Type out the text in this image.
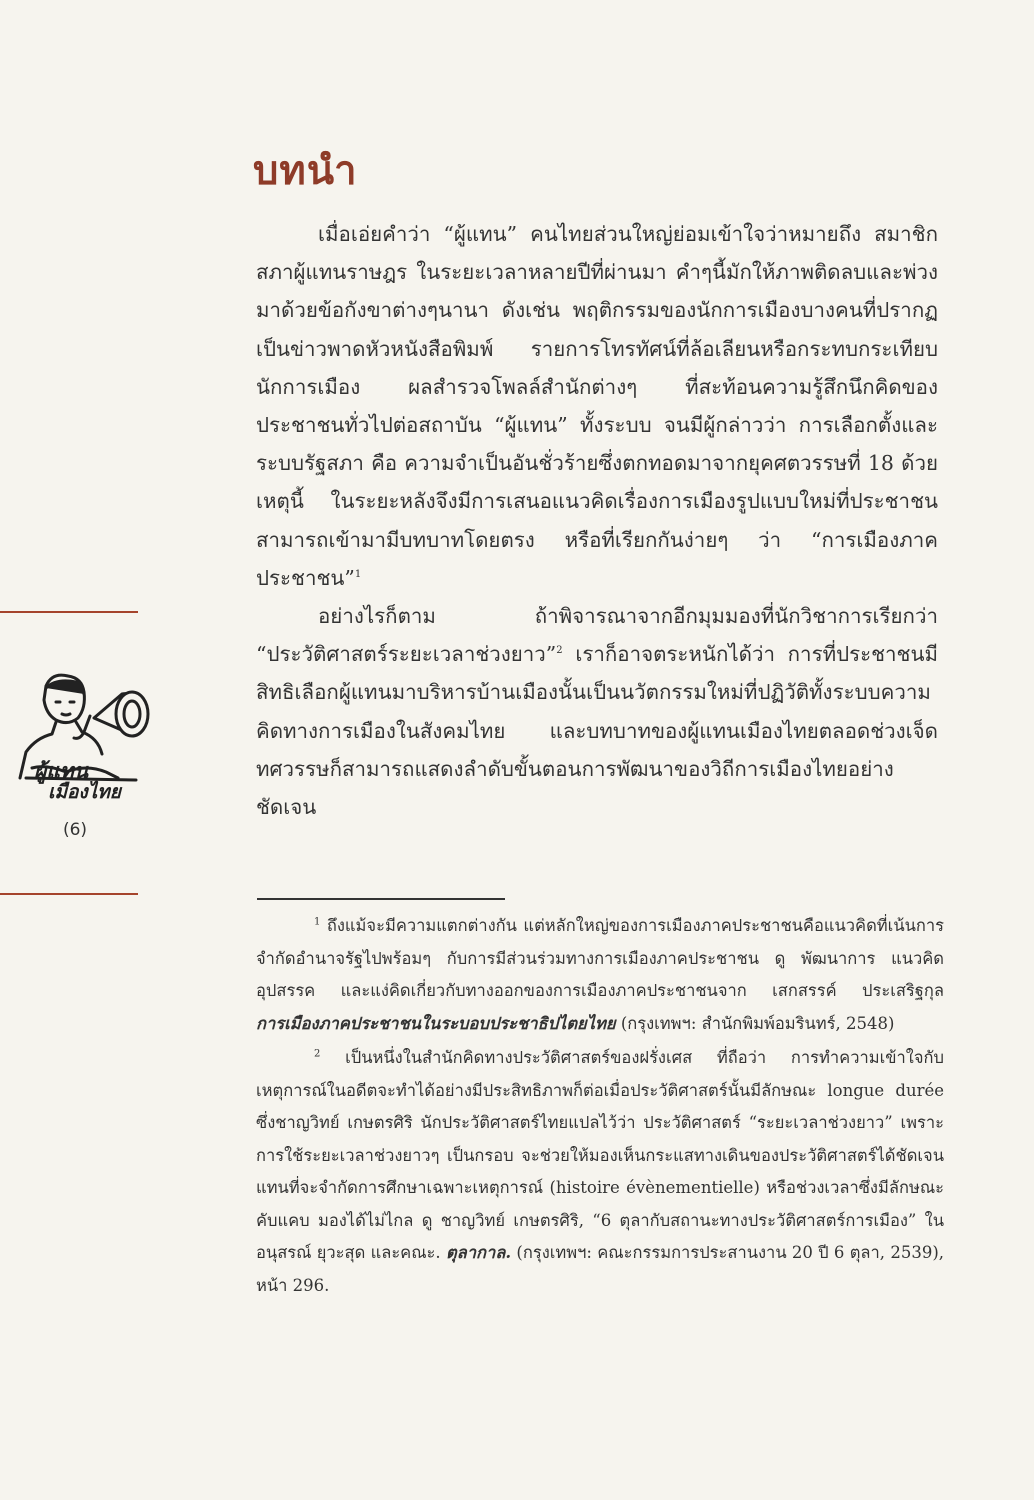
ผู้แทน
เมืองไทย
(6)
บทนำ

เมื่อเอ่ยคำว่า “ผู้แทน” คนไทยส่วนใหญ่ย่อมเข้าใจว่าหมายถึง สมาชิกสภาผู้แทนราษฎร ในระยะเวลาหลายปีที่ผ่านมา คำๆนี้มักให้ภาพติดลบและพ่วงมาด้วยข้อกังขาต่างๆนานา ดังเช่น พฤติกรรมของนักการเมืองบางคนที่ปรากฏเป็นข่าวพาดหัวหนังสือพิมพ์ รายการโทรทัศน์ที่ล้อเลียนหรือกระทบกระเทียบนักการเมือง ผลสำรวจโพลล์สำนักต่างๆ ที่สะท้อนความรู้สึกนึกคิดของประชาชนทั่วไปต่อสถาบัน “ผู้แทน” ทั้งระบบ จนมีผู้กล่าวว่า การเลือกตั้งและระบบรัฐสภา คือ ความจำเป็นอันชั่วร้ายซึ่งตกทอดมาจากยุคศตวรรษที่ 18 ด้วยเหตุนี้ ในระยะหลังจึงมีการเสนอแนวคิดเรื่องการเมืองรูปแบบใหม่ที่ประชาชนสามารถเข้ามามีบทบาทโดยตรง หรือที่เรียกกันง่ายๆ ว่า “การเมืองภาคประชาชน”$^1$

อย่างไรก็ตาม ถ้าพิจารณาจากอีกมุมมองที่นักวิชาการเรียกว่า “ประวัติศาสตร์ระยะเวลาช่วงยาว”$^2$ เราก็อาจตระหนักได้ว่า การที่ประชาชนมีสิทธิเลือกผู้แทนมาบริหารบ้านเมืองนั้นเป็นนวัตกรรมใหม่ที่ปฏิวัติทั้งระบบความคิดทางการเมืองในสังคมไทย และบทบาทของผู้แทนเมืองไทยตลอดช่วงเจ็ดทศวรรษก็สามารถแสดงลำดับขั้นตอนการพัฒนาของวิถีการเมืองไทยอย่างชัดเจน

$^1$ ถึงแม้จะมีความแตกต่างกัน แต่หลักใหญ่ของการเมืองภาคประชาชนคือแนวคิดที่เน้นการจำกัดอำนาจรัฐไปพร้อมๆ กับการมีส่วนร่วมทางการเมืองภาคประชาชน ดู พัฒนาการ แนวคิด อุปสรรค และแง่คิดเกี่ยวกับทางออกของการเมืองภาคประชาชนจาก เสกสรรค์ ประเสริฐกุล การเมืองภาคประชาชนในระบอบประชาธิปไตยไทย (กรุงเทพฯ: สำนักพิมพ์อมรินทร์, 2548)

$^2$ เป็นหนึ่งในสำนักคิดทางประวัติศาสตร์ของฝรั่งเศส ที่ถือว่า การทำความเข้าใจกับเหตุการณ์ในอดีตจะทำได้อย่างมีประสิทธิภาพก็ต่อเมื่อประวัติศาสตร์นั้นมีลักษณะ longue durée ซึ่งชาญวิทย์ เกษตรศิริ นักประวัติศาสตร์ไทยแปลไว้ว่า ประวัติศาสตร์ “ระยะเวลาช่วงยาว” เพราะการใช้ระยะเวลาช่วงยาวๆ เป็นกรอบ จะช่วยให้มองเห็นกระแสทางเดินของประวัติศาสตร์ได้ชัดเจน แทนที่จะจำกัดการศึกษาเฉพาะเหตุการณ์ (histoire évènementielle) หรือช่วงเวลาซึ่งมีลักษณะคับแคบ มองได้ไม่ไกล ดู ชาญวิทย์ เกษตรศิริ, “6 ตุลากับสถานะทางประวัติศาสตร์การเมือง” ใน อนุสรณ์ ยุวะสุด และคณะ. ตุลากาล. (กรุงเทพฯ: คณะกรรมการประสานงาน 20 ปี 6 ตุลา, 2539), หน้า 296.
